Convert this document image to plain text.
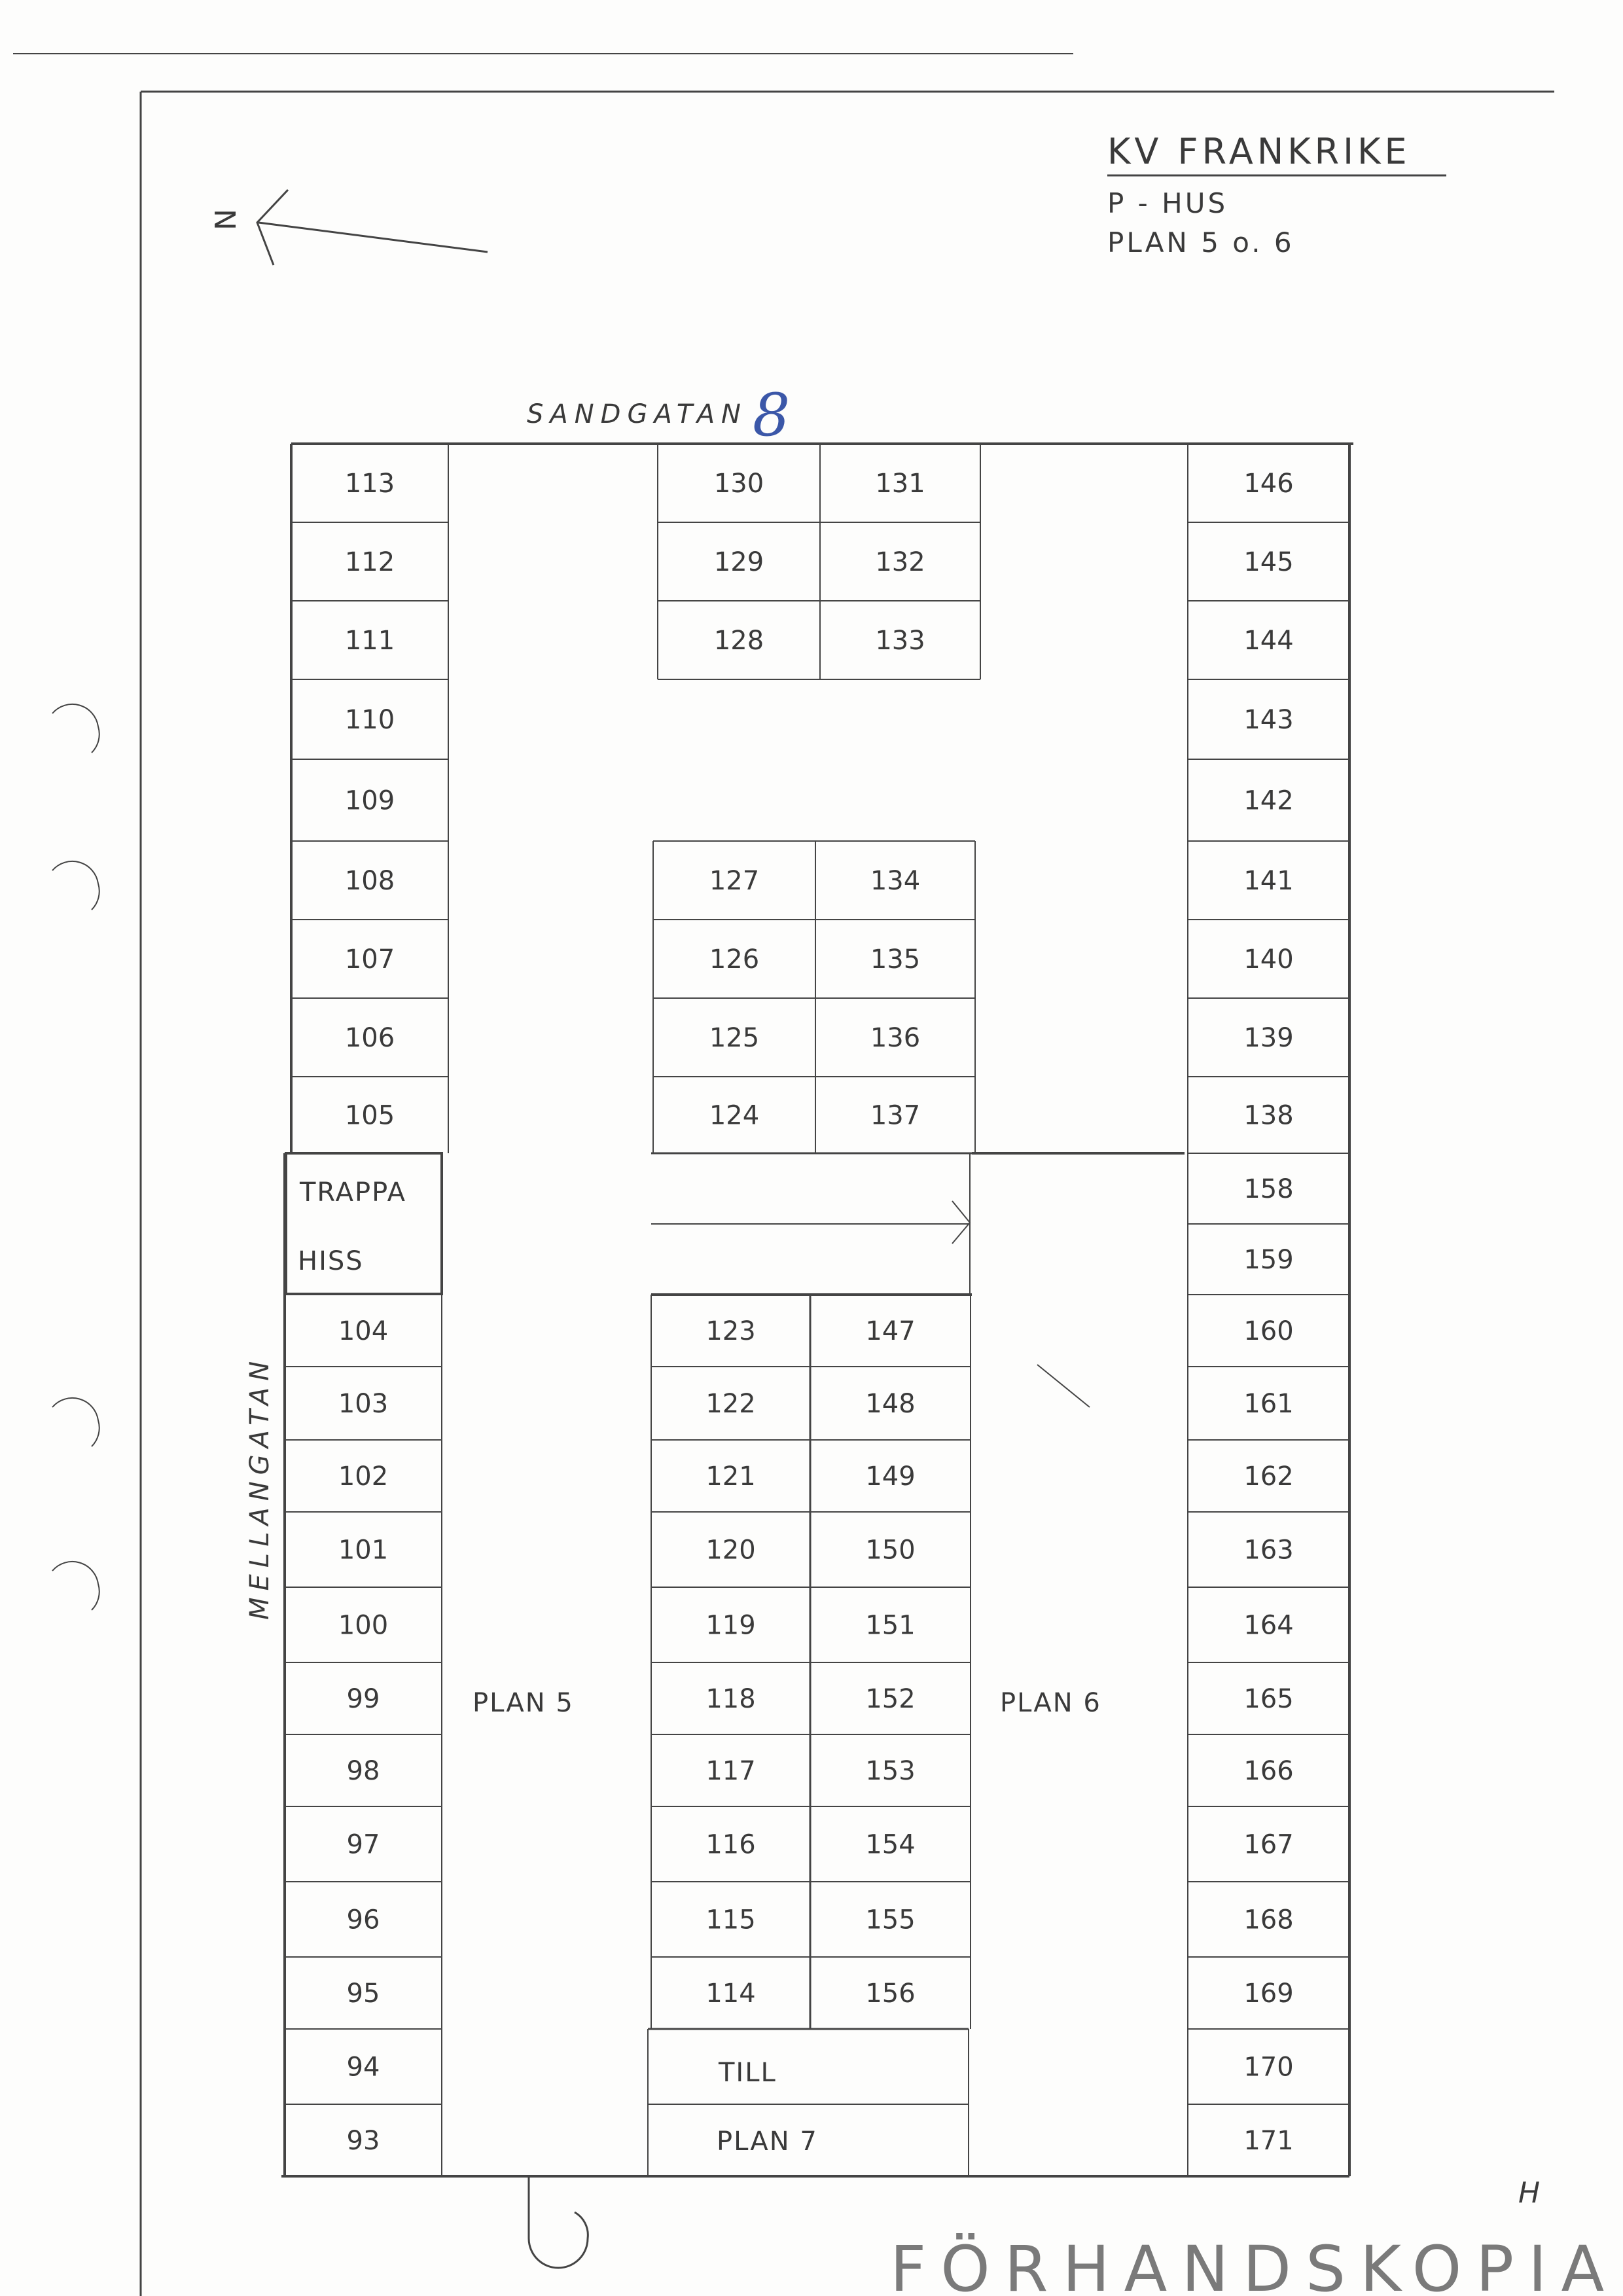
KV FRANKRIKE
P - HUS
PLAN 5 o. 6
N
SANDGATAN 8
MELLANGATAN
113
112
111
110
109
108
107
106
105
TRAPPA
HISS
104
103
102
101
100
99
98
97
96
95
94
93
130
129
128
131
132
133
127
126
125
124
134
135
136
137
123
122
121
120
119
118
117
116
115
114
147
148
149
150
151
152
153
154
155
156
TILL
PLAN 7
146
145
144
143
142
141
140
139
138
158
159
160
161
162
163
164
165
166
167
168
169
170
171
PLAN 5	PLAN 6
FÖRHANDSKOPIA
H
